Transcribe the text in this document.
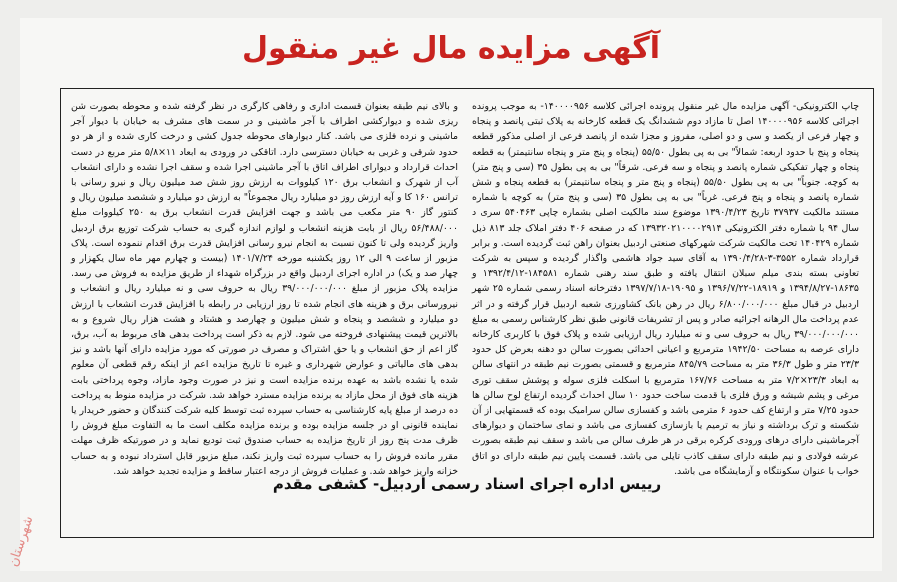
آگهی مزایده مال غیر منقول
چاپ الکترونیکی- آگهی مزایده مال غیر منقول پرونده اجرائی کلاسه ۱۴۰۰۰۰۹۵۶- به موجب پرونده اجرائی کلاسه ۱۴۰۰۰۰۹۵۶ اصل تا مازاد دوم ششدانگ یک قطعه کارخانه به پلاک ثبتی پانصد و پنجاه و چهار فرعی از یکصد و سی و دو اصلی، مفروز و مجزا شده از پانصد فرعی از اصلی مذکور قطعه پنجاه و پنج با حدود اربعه: شمالاً" بی به پی بطول ۵۵/۵۰ (پنجاه و پنج متر و پنجاه سانتیمتر) به قطعه پنجاه و چهار تفکیکی شماره پانصد و پنجاه و سه فرعی. شرقاً" بی به پی بطول ۳۵ (سی و پنج متر) به کوچه. جنوباً" بی به پی بطول ۵۵/۵۰ (پنجاه و پنج متر و پنجاه سانتیمتر) به قطعه پنجاه و شش شماره پانصد و پنجاه و پنج فرعی. غرباً" بی به پی بطول ۳۵ (سی و پنج متر) به کوچه با شماره مستند مالکیت ۳۷۹۳۷ تاریخ ۱۳۹۰/۴/۲۳ موضوع سند مالکیت اصلی بشماره چاپی ۵۴۰۴۶۳ سری د سال ۹۴ با شماره دفتر الکترونیکی ۱۳۹۳۲۰۲۱۰۰۰۰۲۹۱۴ که در صفحه ۴۰۶ دفتر املاک جلد ۸۱۳ ذیل شماره ۱۴۰۴۲۹ تحت مالکیت شرکت شهرکهای صنعتی اردبیل بعنوان راهن ثبت گردیده است. و برابر قرارداد شماره ۳۵۵۲-۳-۱۳۹۰/۴/۲۸ به آقای سید جواد هاشمی واگذار گردیده و سپس به شرکت تعاونی بسته بندی میلم سبلان انتقال یافته و طبق سند رهنی شماره ۱۸۴۵۸۱-۱۳۹۲/۴/۱۲ و ۱۸۶۳۵-۱۳۹۴/۸/۲۷ و ۱۸۹۱۹-۱۳۹۶/۷/۲۲ و ۱۹۰۹۵-۱۳۹۷/۷/۱۸ دفترخانه اسناد رسمی شماره ۲۵ شهر اردبیل در قبال مبلغ ۶/۸۰۰/۰۰۰/۰۰۰ ریال در رهن بانک کشاورزی شعبه اردبیل قرار گرفته و در اثر عدم پرداخت مال الرهانه اجرائیه صادر و پس از تشریفات قانونی طبق نظر کارشناس رسمی به مبلغ ۳۹/۰۰۰/۰۰۰/۰۰۰ ریال به حروف سی و نه میلیارد ریال ارزیابی شده و پلاک فوق با کاربری کارخانه دارای عرصه به مساحت ۱۹۴۲/۵۰ مترمربع و اعیانی احداثی بصورت سالن دو دهنه بعرض کل حدود ۲۳/۳ متر و طول ۳۶/۳ متر به مساحت ۸۴۵/۷۹ مترمربع و قسمتی بصورت نیم طبقه در انتهای سالن به ابعاد ۲۳/۳×۷/۲ متر به مساحت ۱۶۷/۷۶ مترمربع با اسکلت فلزی سوله و پوشش سقف توری مرغی و پشم شیشه و ورق فلزی با قدمت ساخت حدود ۱۰ سال احداث گردیده ارتفاع لوح سالن ها حدود ۷/۲۵ متر و ارتفاع کف حدود ۶ مترمی باشد و کفسازی سالن سرامیک بوده که قسمتهایی از آن شکسته و ترک برداشته و نیاز به ترمیم یا بازسازی کفسازی می باشد و نمای ساختمان و دیوارهای آجرماشینی دارای درهای ورودی کرکره برقی در هر طرف سالن می باشد و سقف نیم طبقه بصورت عرشه فولادی و نیم طبقه دارای سقف کاذب تایلی می باشد. قسمت پایین نیم طبقه دارای دو اتاق خواب با عنوان سکونتگاه و آزمایشگاه می باشد.
و بالای نیم طبقه بعنوان قسمت اداری و رفاهی کارگری در نظر گرفته شده و محوطه بصورت شن ریزی شده و دیوارکشی اطراف با آجر ماشینی و در سمت های مشرف به خیابان با دیوار آجر ماشینی و نرده فلزی می باشد. کنار دیوارهای محوطه جدول کشی و درخت کاری شده و از هر دو حدود شرقی و غربی به خیابان دسترسی دارد. اتاقکی در ورودی به ابعاد ۱۱×۵/۸ متر مربع در دست احداث قرارداد و دیوارای اطراف اتاق با آجر ماشینی اجرا شده و سقف اجرا نشده و دارای انشعاب آب از شهرک و انشعاب برق ۱۲۰ کیلووات به ارزش روز شش صد میلیون ریال و نیرو رسانی با ترانس ۱۶۰ کا و آیه ارزش روز دو میلیارد ریال مجموعاً" به ارزش دو میلیارد و ششصد میلیون ریال و کنتور گاز ۹۰ متر مکعب می باشد و جهت افزایش قدرت انشعاب برق به ۲۵۰ کیلووات مبلغ ۵۶/۴۸۸/۰۰۰ ریال از بابت هزینه انشعاب و لوازم اندازه گیری به حساب شرکت توزیع برق اردبیل واریز گردیده ولی تا کنون نسبت به انجام نیرو رسانی افزایش قدرت برق اقدام ننموده است. پلاک مزبور از ساعت ۹ الی ۱۲ روز یکشنبه مورخه ۱۴۰۱/۷/۲۴ (بیست و چهارم مهر ماه سال یکهزار و چهار صد و یک) در اداره اجرای اردبیل واقع در بزرگراه شهداء از طریق مزایده به فروش می رسد. مزایده پلاک مزبور از مبلغ ۳۹/۰۰۰/۰۰۰/۰۰۰ ریال به حروف سی و نه میلیارد ریال و انشعاب و نیرورسانی برق و هزینه های انجام شده تا روز ارزیابی در رابطه با افزایش قدرت انشعاب با ارزش دو میلیارد و ششصد و پنجاه و شش میلیون و چهارصد و هشتاد و هشت هزار ریال شروع و به بالاترین قیمت پیشنهادی فروخته می شود. لازم به ذکر است پرداخت بدهی های مربوط به آب، برق، گاز اعم از حق انشعاب و یا حق اشتراک و مصرف در صورتی که مورد مزایده دارای آنها باشد و نیز بدهی های مالیاتی و عوارض شهرداری و غیره تا تاریخ مزایده اعم از اینکه رقم قطعی آن معلوم شده یا نشده باشد به عهده برنده مزایده است و نیز در صورت وجود مازاد، وجوه پرداختی بابت هزینه های فوق از محل مازاد به برنده مزایده مسترد خواهد شد. شرکت در مزایده منوط به پرداخت ده درصد از مبلغ پایه کارشناسی به حساب سپرده ثبت توسط کلیه شرکت کنندگان و حضور خریدار یا نماینده قانونی او در جلسه مزایده بوده و برنده مزایده مکلف است ما به التفاوت مبلغ فروش را ظرف مدت پنج روز از تاریخ مزایده به حساب صندوق ثبت تودیع نماید و در صورتیکه ظرف مهلت مقرر مانده فروش را به حساب سپرده ثبت واریز نکند، مبلغ مزبور قابل استرداد نبوده و به حساب خزانه واریز خواهد شد. و عملیات فروش از درجه اعتبار ساقط و مزایده تجدید خواهد شد.
رییس اداره اجرای اسناد رسمی اردبیل- کشفی مقدم
شهرستان
